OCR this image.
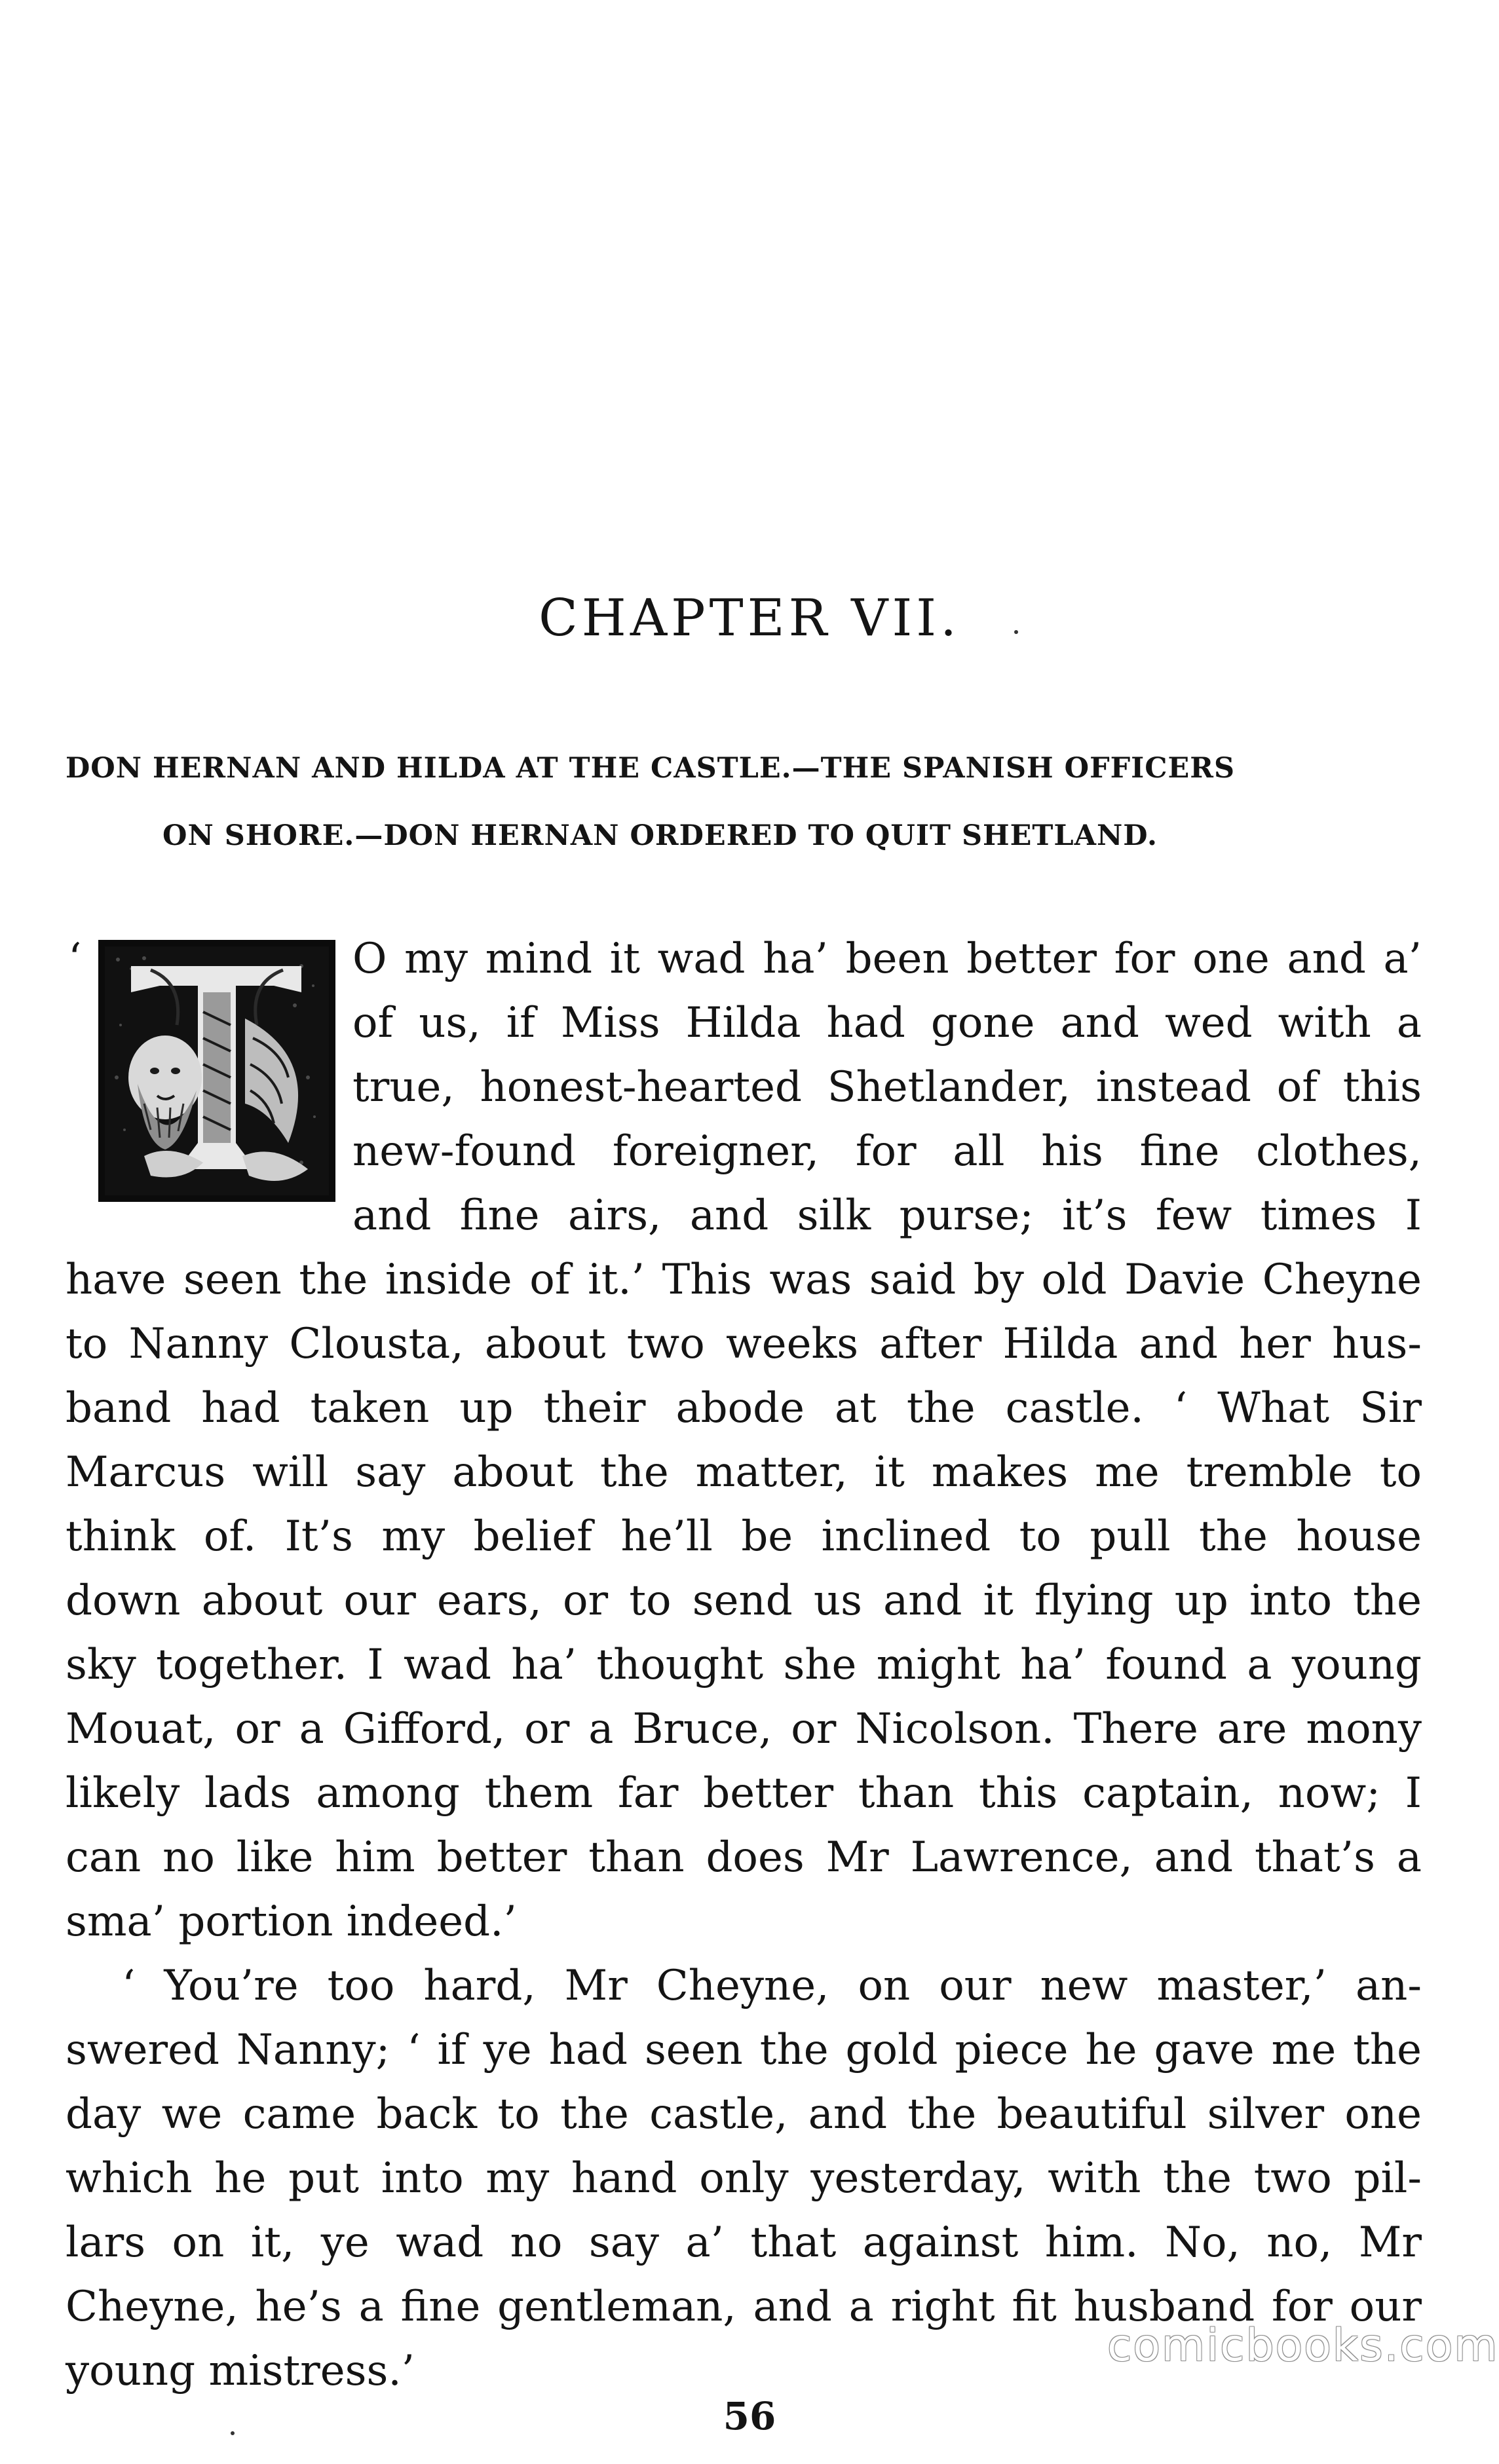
CHAPTER VII.
DON HERNAN AND HILDA AT THE CASTLE.—THE SPANISH OFFICERS
ON SHORE.—DON HERNAN ORDERED TO QUIT SHETLAND.
‘	O my mind it wad ha’ been better for one and a’
of us, if Miss Hilda had gone and wed with a
true, honest-hearted Shetlander, instead of this
new-found foreigner, for all his fine clothes,
and fine airs, and silk purse; it’s few times I
have seen the inside of it.’ This was said by old Davie Cheyne
to Nanny Clousta, about two weeks after Hilda and her hus-
band had taken up their abode at the castle. ‘ What Sir
Marcus will say about the matter, it makes me tremble to
think of. It’s my belief he’ll be inclined to pull the house
down about our ears, or to send us and it flying up into the
sky together. I wad ha’ thought she might ha’ found a young
Mouat, or a Gifford, or a Bruce, or Nicolson. There are mony
likely lads among them far better than this captain, now; I
can no like him better than does Mr Lawrence, and that’s a
sma’ portion indeed.’
‘ You’re too hard, Mr Cheyne, on our new master,’ an-
swered Nanny; ‘ if ye had seen the gold piece he gave me the
day we came back to the castle, and the beautiful silver one
which he put into my hand only yesterday, with the two pil-
lars on it, ye wad no say a’ that against him. No, no, Mr
Cheyne, he’s a fine gentleman, and a right fit husband for our
young mistress.’
56
comicbooks.com
